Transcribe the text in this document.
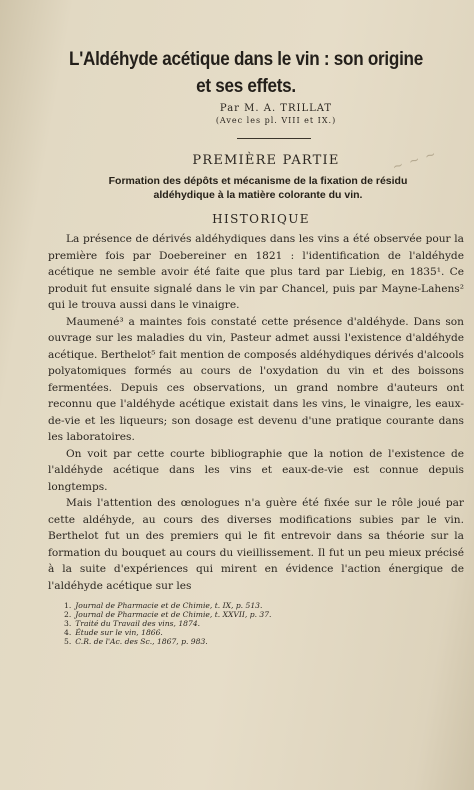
~ ~ ~
L'Aldéhyde acétique dans le vin : son origine
et ses effets.
Par M. A. TRILLAT
(Avec les pl. VIII et IX.)
PREMIÈRE PARTIE
Formation des dépôts et mécanisme de la fixation de résidu
aldéhydique à la matière colorante du vin.
HISTORIQUE

La présence de dérivés aldéhydiques dans les vins a été observée pour la première fois par Doebereiner en 1821 : l'identification de l'aldéhyde acétique ne semble avoir été faite que plus tard par Liebig, en 1835¹. Ce produit fut ensuite signalé dans le vin par Chancel, puis par Mayne-Lahens² qui le trouva aussi dans le vinaigre.

Maumené³ a maintes fois constaté cette présence d'aldéhyde. Dans son ouvrage sur les maladies du vin, Pasteur admet aussi l'existence d'aldéhyde acétique. Berthelot⁵ fait mention de composés aldéhydiques dérivés d'alcools polyatomiques formés au cours de l'oxydation du vin et des boissons fermentées. Depuis ces observations, un grand nombre d'auteurs ont reconnu que l'aldéhyde acétique existait dans les vins, le vinaigre, les eaux-de-vie et les liqueurs; son dosage est devenu d'une pratique courante dans les laboratoires.

On voit par cette courte bibliographie que la notion de l'existence de l'aldéhyde acétique dans les vins et eaux-de-vie est connue depuis longtemps.

Mais l'attention des œnologues n'a guère été fixée sur le rôle joué par cette aldéhyde, au cours des diverses modifications subies par le vin. Berthelot fut un des premiers qui le fit entrevoir dans sa théorie sur la formation du bouquet au cours du vieillissement. Il fut un peu mieux précisé à la suite d'expériences qui mirent en évidence l'action énergique de l'aldéhyde acétique sur les

1. Journal de Pharmacie et de Chimie, t. IX, p. 513.
2. Journal de Pharmacie et de Chimie, t. XXVII, p. 37.
3. Traité du Travail des vins, 1874.
4. Étude sur le vin, 1866.
5. C.R. de l'Ac. des Sc., 1867, p. 983.
